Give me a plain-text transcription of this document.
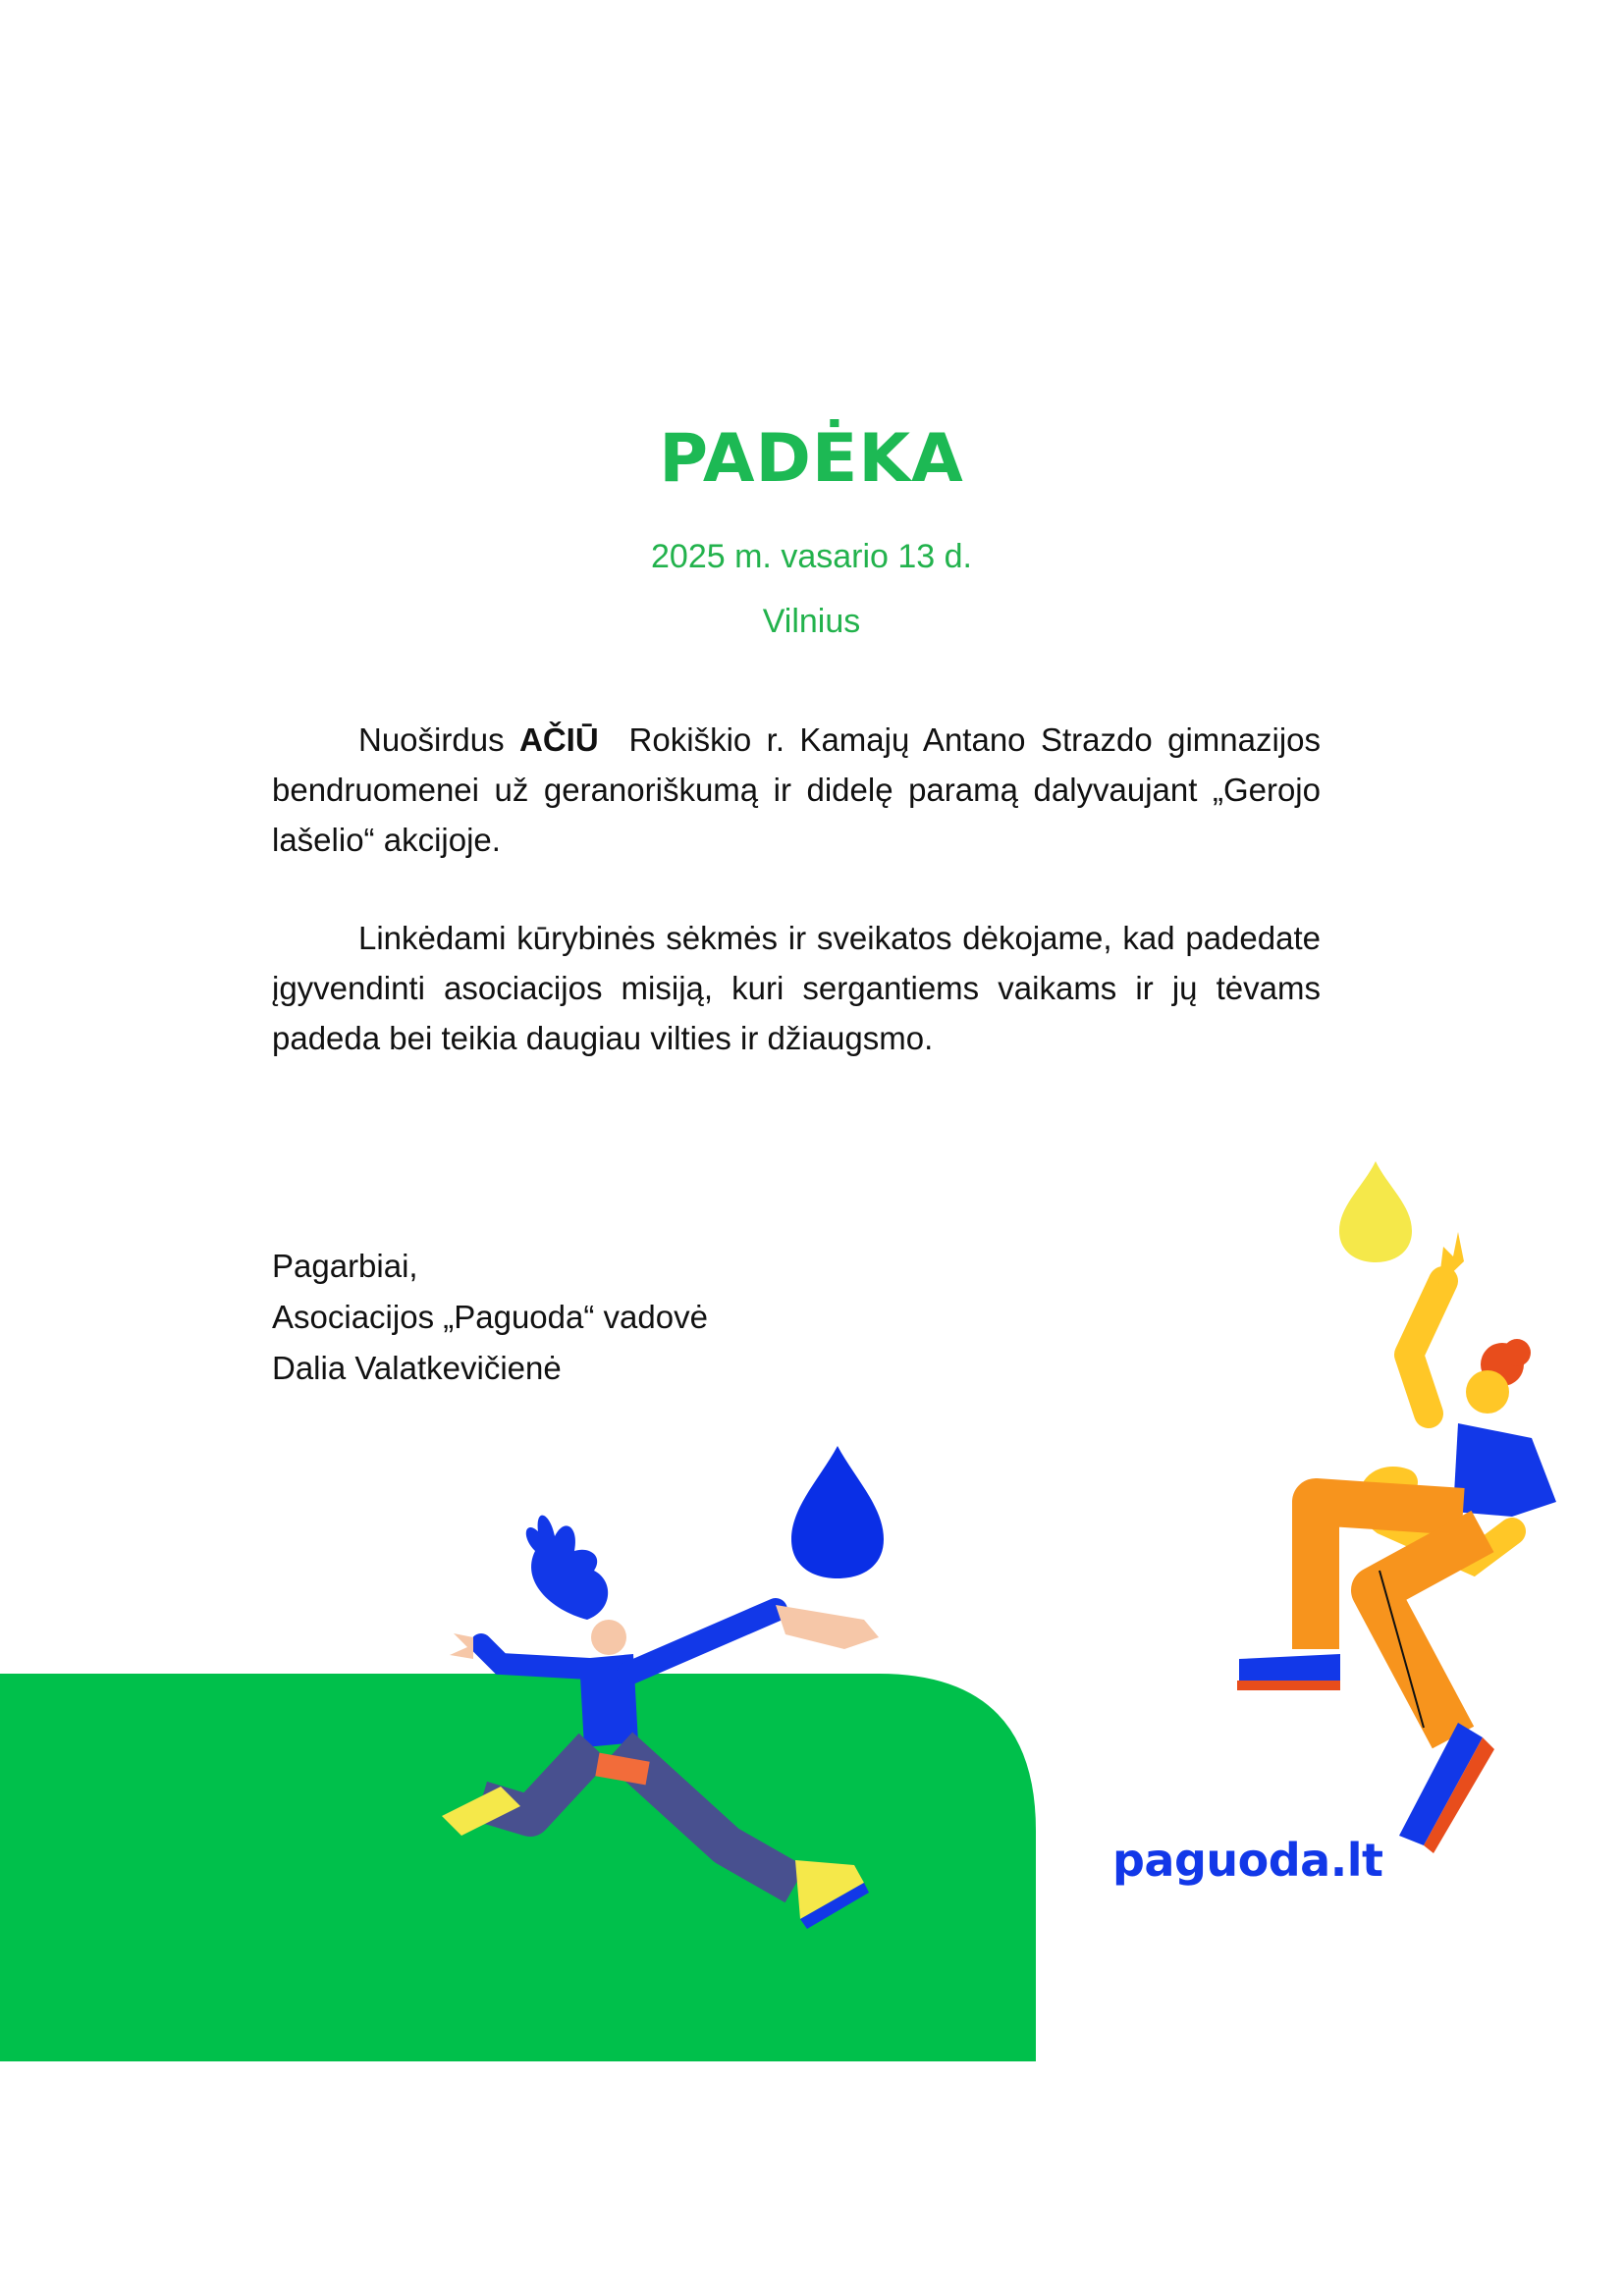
PADĖKA
2025 m. vasario 13 d.
Vilnius

Nuoširdus AČIŪ Rokiškio r. Kamajų Antano Strazdo gimnazijos bendruomenei už geranoriškumą ir didelę paramą dalyvaujant „Gerojo lašelio“ akcijoje.

Linkėdami kūrybinės sėkmės ir sveikatos dėkojame, kad padedate įgyvendinti asociacijos misiją, kuri sergantiems vaikams ir jų tėvams padeda bei teikia daugiau vilties ir džiaugsmo.

Pagarbiai,
Asociacijos „Paguoda“ vadovė
Dalia Valatkevičienė
paguoda.lt
